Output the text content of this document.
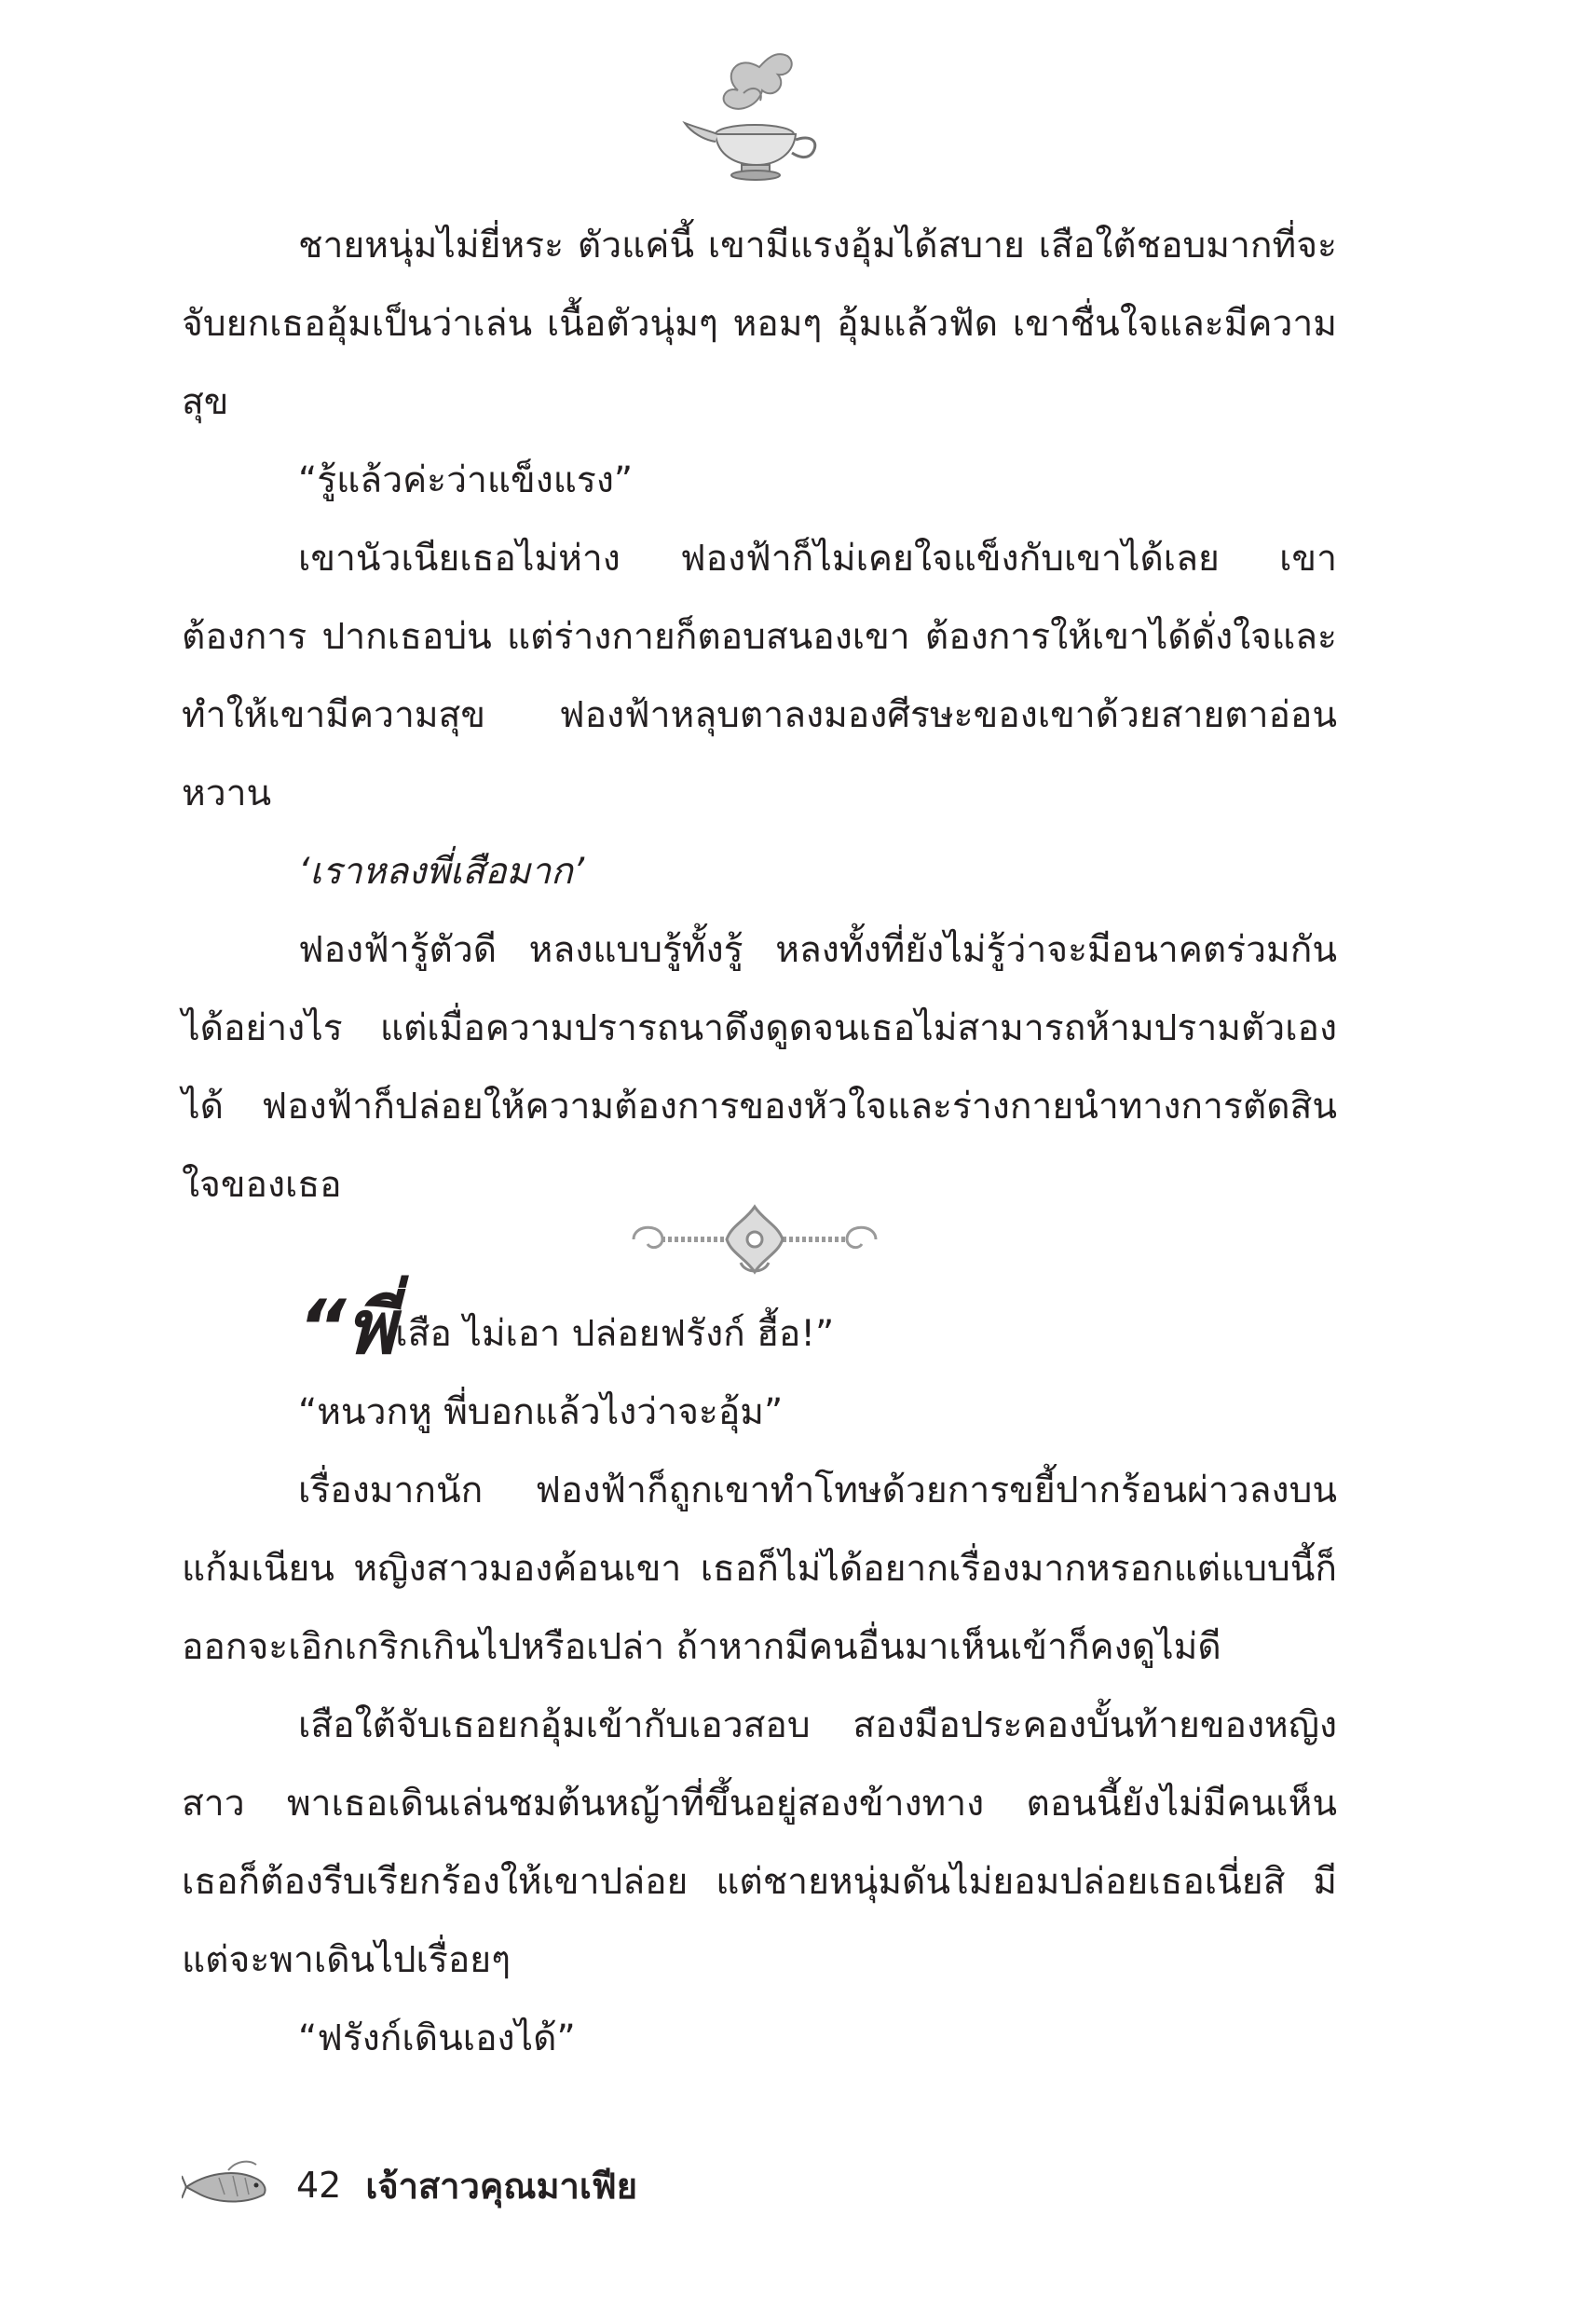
ชายหนุ่มไม่ยี่หระ ตัวแค่นี้ เขามีแรงอุ้มได้สบาย เสือใต้ชอบมากที่จะจับยกเธออุ้มเป็นว่าเล่น เนื้อตัวนุ่มๆ หอมๆ อุ้มแล้วฟัด เขาชื่นใจและมีความสุข

“รู้แล้วค่ะว่าแข็งแรง”

เขานัวเนียเธอไม่ห่าง ฟองฟ้าก็ไม่เคยใจแข็งกับเขาได้เลย เขาต้องการ ปากเธอบ่น แต่ร่างกายก็ตอบสนองเขา ต้องการให้เขาได้ดั่งใจและทำให้เขามีความสุข ฟองฟ้าหลุบตาลงมองศีรษะของเขาด้วยสายตาอ่อนหวาน

‘เราหลงพี่เสือมาก’

ฟองฟ้ารู้ตัวดี หลงแบบรู้ทั้งรู้ หลงทั้งที่ยังไม่รู้ว่าจะมีอนาคตร่วมกันได้อย่างไร แต่เมื่อความปรารถนาดึงดูดจนเธอไม่สามารถห้ามปรามตัวเองได้ ฟองฟ้าก็ปล่อยให้ความต้องการของหัวใจและร่างกายนำทางการตัดสินใจของเธอ

“พี่เสือ ไม่เอา ปล่อยฟรังก์ ฮื้อ!”

“หนวกหู พี่บอกแล้วไงว่าจะอุ้ม”

เรื่องมากนัก ฟองฟ้าก็ถูกเขาทำโทษด้วยการขยี้ปากร้อนผ่าวลงบนแก้มเนียน หญิงสาวมองค้อนเขา เธอก็ไม่ได้อยากเรื่องมากหรอกแต่แบบนี้ก็ออกจะเอิกเกริกเกินไปหรือเปล่า ถ้าหากมีคนอื่นมาเห็นเข้าก็คงดูไม่ดี

เสือใต้จับเธอยกอุ้มเข้ากับเอวสอบ สองมือประคองบั้นท้ายของหญิงสาว พาเธอเดินเล่นชมต้นหญ้าที่ขึ้นอยู่สองข้างทาง ตอนนี้ยังไม่มีคนเห็น เธอก็ต้องรีบเรียกร้องให้เขาปล่อย แต่ชายหนุ่มดันไม่ยอมปล่อยเธอเนี่ยสิ มีแต่จะพาเดินไปเรื่อยๆ

“ฟรังก์เดินเองได้”

42 เจ้าสาวคุณมาเฟีย
